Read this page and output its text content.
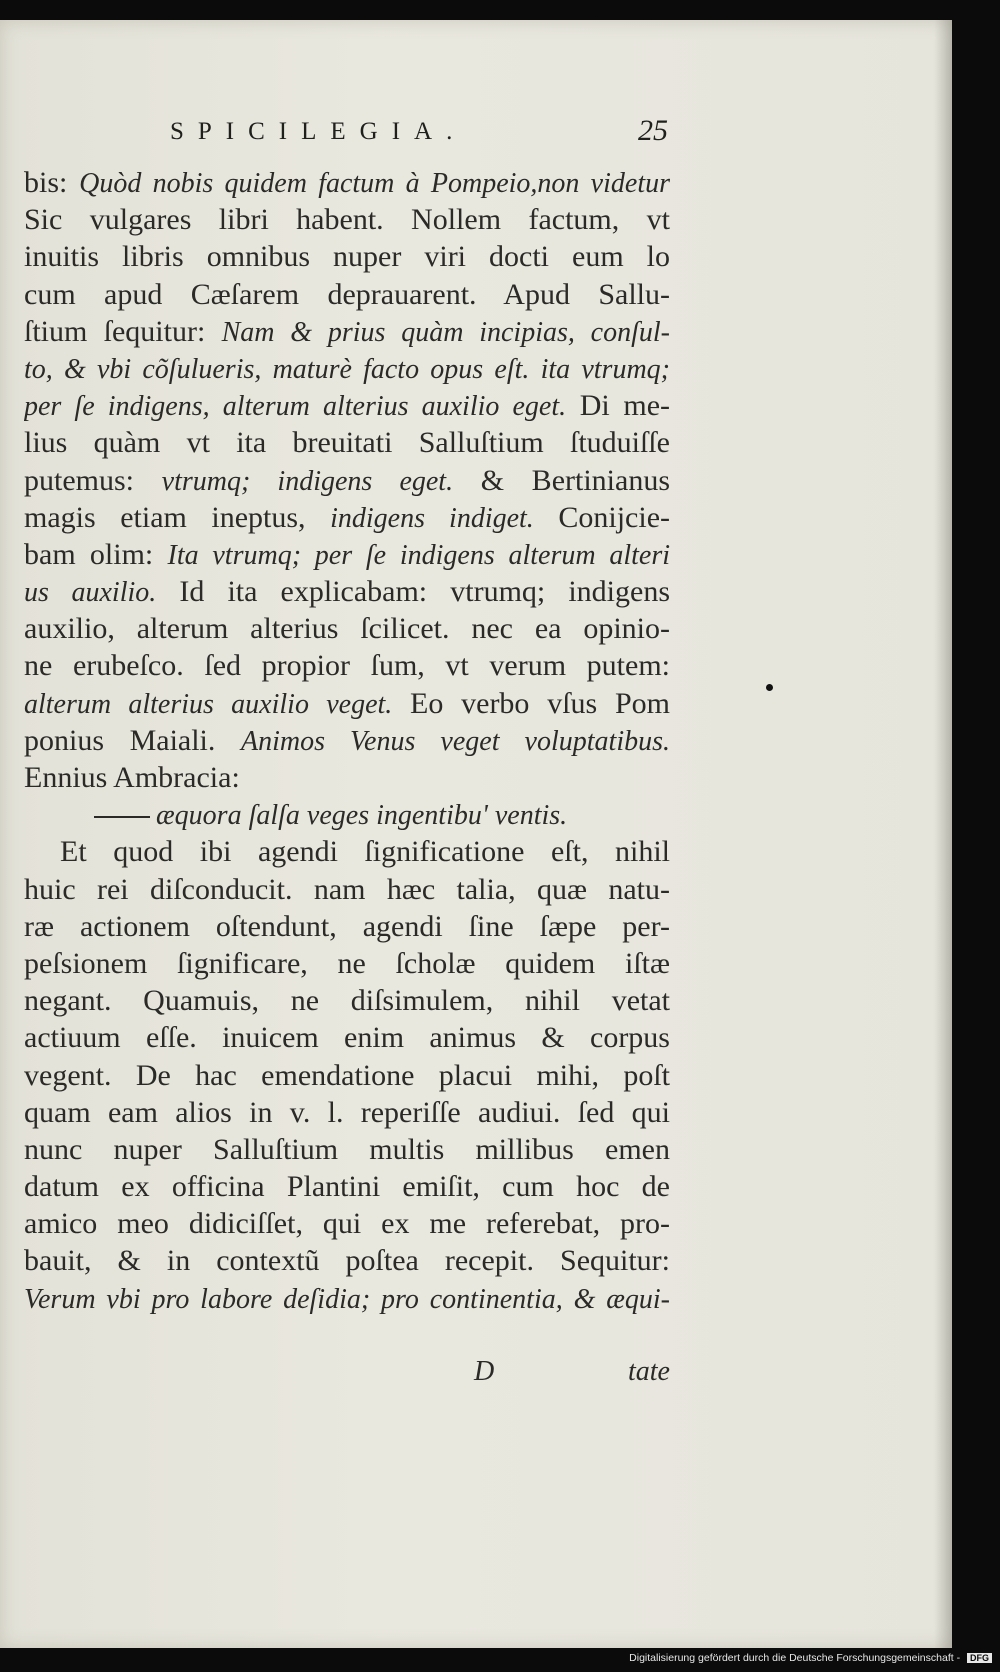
SPICILEGIA.	25
bis: Quòd nobis quidem factum à Pompeio,non videtur
Sic vulgares libri habent. Nollem factum, vt
inuitis libris omnibus nuper viri docti eum lo
cum apud Cæſarem deprauarent. Apud Sallu-
ſtium ſequitur: Nam & prius quàm incipias, conſul-
to, & vbi cõſulueris, maturè facto opus eſt. ita vtrumq;
per ſe indigens, alterum alterius auxilio eget. Di me-
lius quàm vt ita breuitati Salluſtium ſtuduiſſe
putemus: vtrumq; indigens eget. & Bertinianus
magis etiam ineptus, indigens indiget. Conijcie-
bam olim: Ita vtrumq; per ſe indigens alterum alteri
us auxilio. Id ita explicabam: vtrumq; indigens
auxilio, alterum alterius ſcilicet. nec ea opinio-
ne erubeſco. ſed propior ſum, vt verum putem:
alterum alterius auxilio veget. Eo verbo vſus Pom
ponius Maiali. Animos Venus veget voluptatibus.
Ennius Ambracia:
æquora ſalſa veges ingentibu' ventis.
Et quod ibi agendi ſignificatione eſt, nihil
huic rei diſconducit. nam hæc talia, quæ natu-
ræ actionem oſtendunt, agendi ſine ſæpe per-
peſsionem ſignificare, ne ſcholæ quidem iſtæ
negant. Quamuis, ne diſsimulem, nihil vetat
actiuum eſſe. inuicem enim animus & corpus
vegent. De hac emendatione placui mihi, poſt
quam eam alios in v. l. reperiſſe audiui. ſed qui
nunc nuper Salluſtium multis millibus emen
datum ex officina Plantini emiſit, cum hoc de
amico meo didiciſſet, qui ex me referebat, pro-
bauit, & in contextũ poſtea recepit. Sequitur:
Verum vbi pro labore deſidia; pro continentia, & æqui-
D	tate
Digitalisierung gefördert durch die Deutsche Forschungsgemeinschaft - DFG
